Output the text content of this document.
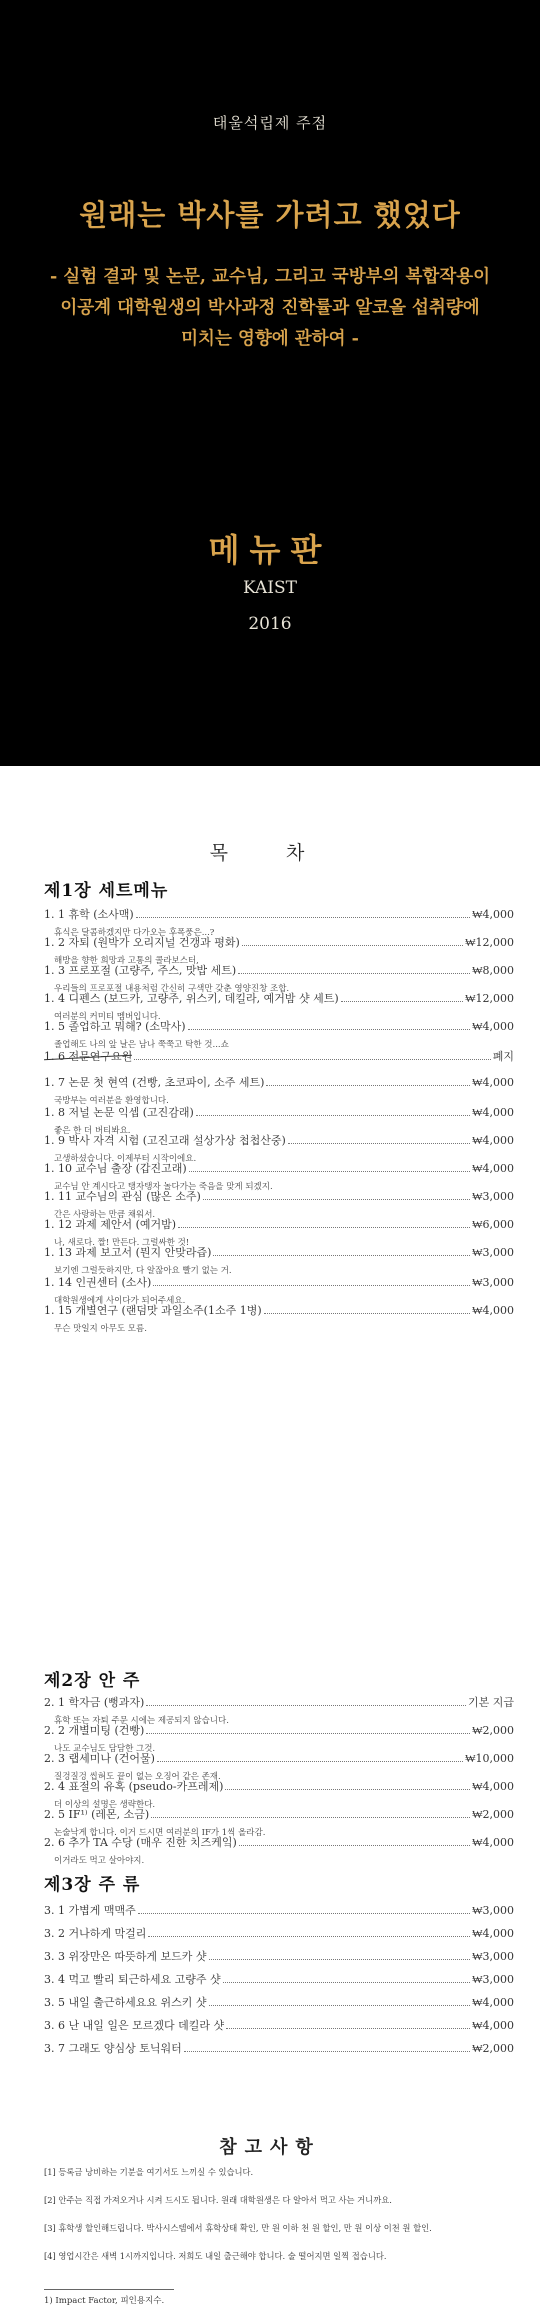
태울석립제 주점
원래는 박사를 가려고 했었다
- 실험 결과 및 논문, 교수님, 그리고 국방부의 복합작용이
이공계 대학원생의 박사과정 진학률과 알코올 섭취량에
미치는 영향에 관하여 -
메뉴판
KAIST
2016
목 차
제1장 세트메뉴
1. 1 휴학 (소사맥)	₩4,000
휴식은 달콤하겠지만 다가오는 후폭풍은...?
1. 2 자퇴 (원박가 오리지널 건갱과 평화)	₩12,000
해방을 향한 희망과 고통의 콜라보스터,
1. 3 프로포절 (고량주, 주스, 맛밥 세트)	₩8,000
우리들의 프로포절 내용처럼 간신히 구색만 갖춘 영양진창 조합.
1. 4 디펜스 (보드카, 고량주, 위스키, 데킬라, 예거밤 샷 세트)	₩12,000
여러분의 커미티 멤버입니다.
1. 5 졸업하고 뭐해? (소막사)	₩4,000
졸업해도 나의 앞 날은 남나 쭉쭉고 탁한 것...쇼
1. 6 전문연구요원	폐지
1. 7 논문 첫 현역 (건빵, 초코파이, 소주 세트)	₩4,000
국방부는 여러분을 환영합니다.
1. 8 저널 논문 익셉 (고진감래)	₩4,000
좋은 한 더 버티봐요.
1. 9 박사 자격 시험 (고진고래 설상가상 첩첩산중)	₩4,000
고생하셨습니다. 이제부터 시작이에요.
1. 10 교수님 출장 (갑진고래)	₩4,000
교수님 안 계시다고 탱자탱자 놀다가는 죽음을 맞게 되겠지.
1. 11 교수님의 관심 (많은 소주)	₩3,000
간은 사랑하는 만큼 채워서.
1. 12 과제 제안서 (예거밤)	₩6,000
나, 새로다. 짤! 만든다. 그럴싸한 것!
1. 13 과제 보고서 (뭔지 안맞라즙)	₩3,000
보기엔 그럴듯하지만, 다 알잖아요 빨기 없는 거.
1. 14 인권센터 (소사)	₩3,000
대학원생에게 사이다가 되어주세요.
1. 15 개별연구 (랜덤맛 과일소주(1소주 1병)	₩4,000
무슨 맛일지 아무도 모름.
제2장 안 주
2. 1 학자금 (뻥과자)	기본 지급
휴학 또는 자퇴 주문 시에는 제공되지 않습니다.
2. 2 개별미팅 (건빵)	₩2,000
나도 교수님도 담담한 그것.
2. 3 랩세미나 (건어물)	₩10,000
질겅질겅 씹혀도 끝이 없는 오징어 같은 존재.
2. 4 표절의 유혹 (pseudo-카프레제)	₩4,000
더 이상의 설명은 생략한다.
2. 5 IF¹⁾ (레몬, 소금)	₩2,000
논술낙게 합니다. 이거 드시면 여러분의 IF가 1씩 올라감.
2. 6 추가 TA 수당 (매우 진한 치즈케잌)	₩4,000
이거라도 먹고 살아야지.
제3장 주 류
3. 1 가볍게 맥맥주	₩3,000
3. 2 거나하게 막걸리	₩4,000
3. 3 위장만은 따뜻하게 보드카 샷	₩3,000
3. 4 먹고 빨리 퇴근하세요 고량주 샷	₩3,000
3. 5 내일 출근하세요요 위스키 샷	₩4,000
3. 6 난 내일 일은 모르겠다 데킬라 샷	₩4,000
3. 7 그래도 양심상 토닉워터	₩2,000
참고사항
[1] 등록금 낭비하는 기분을 여기서도 느끼실 수 있습니다.
[2] 안주는 직접 가져오거나 시켜 드시도 됩니다. 원래 대학원생은 다 알아서 먹고 사는 거니까요.
[3] 휴학생 할인해드립니다. 박사시스템에서 휴학상태 확인, 만 원 이하 천 원 할인, 만 원 이상 이천 원 할인.
[4] 영업시간은 새벽 1시까지입니다. 저희도 내일 출근해야 합니다. 술 떨어지면 일찍 접습니다.
1) Impact Factor, 피인용지수.
